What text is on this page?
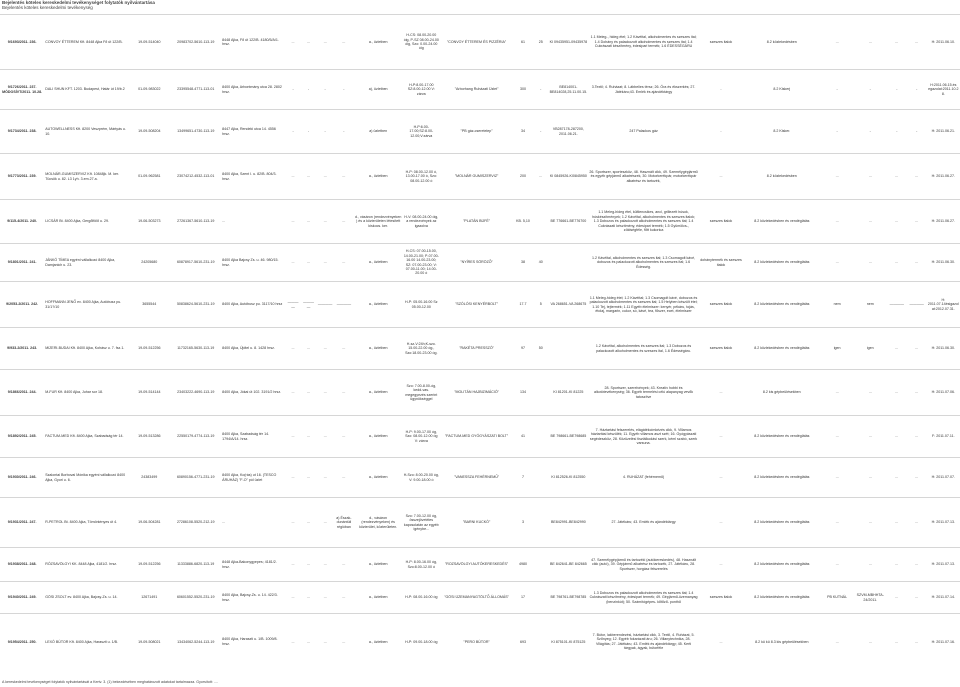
Bejelentés köteles kereskedelmi tevékenységet folytatók nyilvántartása
Bejelentés köteles kereskedelmi tevékenység
9/1693/2011. 236.	CONVOY ÉTTEREM Kft. 8448 Ajka Fő út 122/B.	19-09-514040	20983702-5610-113-19	8448 Ajka, Fő út 122/B. 4180/5/A/1. hrsz.	...	...	...	...	a., üzletben	H-CS: 08.00-20.00 óig, P-SZ 08.00-24.00 óig, Szo: 0.00-24.00 óig	"CONVOY ÉTTEREM ÉS PIZZÉRIA"	61	25	KI 09435951-09435978	1.1 Meleg-, hideg étel; 1.2 Kávéital, alkoholmentes és szeszes ital; 1.4 Dohány és palackozott alkoholmentes és szeszes ital; 1.4 Cukrászati készítmény, édesipari termék; 1.6 ÉDESSÉGÁRU	szeszes italok	8.2 közlekedésben	...	...	...	...	H: 2011.06.10.
9/1726/2011. 237. MÓDOSÍVT/2011. 10.28.	DALI SHUN KFT. 1203. Budapest, Határ út 19/b.2	01-09-983022	23395548-4771-113-01	8400 Ajka, Arbontmány utca 28. 2802 hrsz.	-	-	-	-	a), üzletben	H-P:8.00-17.00 SZ:8.00-12.00 V: zárva	"Arborhang Ruházati Üzlet"	300	-	BE814001-BE814028,25.11.00.15.	3.Textil; 4. Ruházat; 8. Lábbelies térsz; 26. Óra és ékszerkés; 27. Játékáru;43. Emlék és ajándéktárgy	-	8.2 Kiskerj	-	-	-	-	H:2011.06.15.és egazolat:2011.10.28.
9/1734/2011. 238.	AUTOWELLNESS Kft. 8200 Veszprém, Mártyás u. 10.	19-09-508204	13499651-4730-113-19	8447 Ajka, Rendeki utca 14. 4556 hrsz.	-	-	-	-	a) üzletben	H-P:6.00-17.00;SZ:8.00-12.00;V:zárva	"PB gáz-cseretelep"	34	-	VB287178-287200, 2011.06.21.	247 Palackos gáz	-	8.2 Kisker.	-	-	-	-	H: 2011.06.21.
9/1773/2011. 239.	MOLNÁR-GUMISZERVIZ Kft. 10848jk. M. ker. Tücsök u. 82. L3 1yh. 3.em.27.a.	01-09-962581	23074212-4532-113-01	8400 Ajka, Szent I. u. 82/B. 804/3. hrsz.	...	...	...	...	a., üzletben	H-P: 08.00-12.00 ó, 13.00-17.00 ó, Szo: 08.00-12.00 ó	"MOLNÁR GUMISZERVIZ"	200	...	KI 0845926-KI0845950	26. Sportszer, sporteszköz, 48. Használt cikk, 49. Személygépjármű és egyéb gépjármű alkatrészek, 30. Motorkerékpár, motorkerékpár alkatrész és tartozék,	...	8.2 közlekedésben	...	...	...	...	H: 2011.06.27.
9/115-4/2011. 240.	LICSÁR Bt. 8400 Ajka, Gergőlfölő u. 29.	19-06-503273	27261367-5610-113-19	...	...	...	...	...	d., vásáron (rendezvényeken ) és a közterületen létesített kiskocs. ker.	H-V: 08.00-24.00 óig, a rendezvények az igazolva	"PLATÁN BÜFÉ"	KB. 5,10		BE 776661-BE776700	1.1 Meleg-hideg étel, kültlencsikes, ancl, grillezett húsok, húskészítmények; 1.2 Kávéital, alkoholmentes és szeszes italok; 1.3 Dobozos és palackozott alkoholmentes és szeszes ital; 1.4 Cukrászati készítmény, édesipari termék; 1.5 Gyümölcs-, zöldségféle, főtt kukorica	szeszes italok	8.2 közlekedésben és vendéglátás	...	...	...	...	H: 2011.06.27.
9/1801/2011. 241.	JÁNKÓ TÍMEA egyéni vállalkozó 8400 Ajka, Damjanich u. 23.	24205680	60878917-5610-231-19	8400 Ajka Bajcsy Zs. u. 46. 980/15. hrsz.	...	...	...	...	a., üzletben	H-CS: 07.00-15.00, 14.00-21.00; P-07.00-16.00 14.00-23.00; SZ: 07.00-23.00; V: 07.00-11.00; 14.00-20.00 ó	"NYÍRES SÖRÖZŐ"	38	40		1.2 Kávéital, alkoholmentes és szeszes ital; 1.3 Csomagolt kávé, dobozos és palackozott alkoholmentes és szeszes ital; 1.6 Édesség.	dohánytermék és szeszes italok	8.2 közlekedésben és vendéglátás	...	...	...	...	H: 2011.06.30.
9/2053-2/2011. 242.	HOFFMANN JENŐ ev. 8400 Ajka, Autóbusz pu. 31/1?/10	3655544	50838624-5610-231-19	8400 Ajka, Autóbusz pu. 3117/10 hrsz	————	————	————	————	a., üzletben	H-P: 05.00-16.00 Sz 05.00-12.00	"SZÓLÓSI KENYÉRBOLT"	17.7	5	VA 268651-VA 268675	1.1 Meleg-hideg étel; 1.2 Kávéital; 1.3 Csomagolt kávé, dobozos és palackozott alkoholmentes és szeszes ital; 1.5 Helyben készült étel; 1.10 Tej, tejtermék; 1.11 Egyéb élelmiszer: kenyér, pékáru, tojás, étolaj, margarin, cukor, só, kávé, tea, fűszer, ecet, élelmiszer	szeszes italok	8.2 közlekedésben és vendéglátás	nem	nem	————	————	H: 2011.07.14ésigazolat:2012.07.31.
9/933-2/2011. 243.	MIZERI-BUDAI Kft. 8400 Ajka, Kohász u. 7. fsz.1.	19-09-512256	11732165-5630-113-19	8400 Ajka, Újdtel u. 8. 1428 hrsz.	...	...	...	...	a., üzletben	H-sz-V:24h;K-szo. 15.00-22.00 óg., Szo:18.00-23.00 óg.	"RAKÉTA PRESSZÓ"	97	50		1.2 Kávéital, alkoholmentes és szeszes ital; 1.3 Dobozos és palackozott alkoholmentes és szeszes ital, 1.6 Édességáru.	szeszes italok	8.2 közlekedésben és vendéglátás	igen	igen	...	...	H: 2011.06.30.
9/1866/2011. 244.	M-FUR Kft. 8400 Ajka, Juhar sor 18.	19-09-514144	23403222-4690-113-19	8400 Ajka, Jókai út 102. 3191/2 hrsz.	...	...	...	...	a., üzletben	Szo: 7.00-8.00-óg, kedd-vas. megegyezés szerint ügynökséggel	"MOLITÁN HAJBIZIMÁCIÓ"	134		KI 81201-KI 81225	28. Sportszer, szerelvények; 43. Kreatív hobbi és alkotótevékenység; 36. Egyéb termelési célú alapanyag vevők tatoszítve	...	8.2 kis gépbeülésekben	...	...	...	...	H: 2011.07.06.
9/1892/2011. 245.	FACTUM-MED Kft. 8400 Ajka, Szabadság tér 14.	19-09-513286	22550179-4774-113-19	8400 Ajka, Szabadság tér 14. 1794/A/14. hrsz.	...	...	...	...	a., üzletben	H-P: 9.00-17.00 óg, Szo: 08.00-12.00 óg V: zárva	"FACTUM-MED GYÓGYÁSZATI BOLT"	41		BE 798661-BE798685	7. Háztartási felszerelés, elágátékcímkézés cikk, 9. Villamos háztartási készülék; 11. Egyéb villamos aszt szét; 16. Gyógyászati segédeszköz, 28. Közüzelési tisztálkodási szerk, kéml szabó, szerk varsuna.	...	8.2 közlekedésben és vendéglátás	...	...	...	...	F: 2011.07.11.
9/1930/2011. 246.	Szalontai Borbovai Mónika egyéni vállalkozó 8400 Ajka, Gyori u. 6.	24383499	60890156-4771-231-19	8400 Ajka, Ko(rás) ut 16. (TESCO ÁRUHÁZ) "F-O" pól üzlet	...	...	...	...	a., üzletben	H-Szo: 8.00-20.00 óg, V: 9.00-18.00 ó	"VANESSZA FEHÉRNEMŰ"	7		KI 812526-KI 812550	4. RUHÁZAT (fehérnemű)	...	8.2 közlekedésben és vendéglátás	...	...	...	...	H: 2011.07.07.
9/1931/2011. 247.	R-PETROL Bt. 8400 Ajka, Tömörkényes út 4.	19-06-504281	27286108-5520-212-19	...	...	...	...	a) Észak-dunántúli régióban	d., vásáron (rendezvényeken) és közterület, közterületen.	Szo: 7.00-12.00 óg, összejövetéles kapcsolatán az egyéb igénybe...	"BARNI KUCKÓ"	3		BE842991-BE842990	27. Játékáru; 43. Emlék és ajándéktárgy	...	8.2 közlekedésben és vendéglátás	...	...	...	...	H: 2011.07.13.
9/1938/2011. 248.	RÓZSAVÖLGYI KK. 8448 Ajka, 4181/2. hrsz.	19-09-512256	11333886-6820-113-19	8448 Ajka-Bakonygyepes; 4181/2. hrsz.	...	...	...	...	a., üzletben	H-P: 8.00-16.00 óg, Szo:8.00-12.00 ó	"ROZSAVÖLGYI AUTÓKERESKEDÉS"	4980		BE 842641-BE 842665	47. Személygépjármű és tartozéki (autókereskedés), 48. Használt cikk (autó), 39. Gépjármű alkatrész és tartozék, 27. Játékáru, 28. Sportszer, horgász felszerelés	...	8.2 közlekedésben és vendéglátás	...	...	...	...	H: 2011.07.13.
9/1940/2011. 249.	GÖSI ZSOLT ev. 8400 Ajka, Bajcsy-Zs. u. 14.	12671491	60601552-5520-231-19	8400 Ajka, Bajcsy-Zs. u. 14. 422/3. hrsz.	...	...	...	...	a., üzletben	H-P: 08.00-16.00 óg	"GÖSI ÜZEMANYAGTÖLTŐ ÁLLOMÁS"	17		BE 798761-BE798785	1.3 Dobozos és palackozott alkoholmentes és szeszes ital; 1.4 Cukrászati készítmény, édesipari termék; 49. Gépjármű-üzemanyag (benzinkút); 50. Számítógépes- kőtőző- ponthű	szeszes italok	8.2 közlekedésben és vendéglátás	PB KUTNÁL	SZVM-MBHHTA-24/2011.	...	...	H: 2011.07.14.
9/1954/2011. 250.	LEXÓ BÚTOR Kft. 8400 Ajka, Haraszti u. 1/B.	19-09-508021	13434062-5244-113-19	8400 Ajka, Haraszti u. 1/B. 1009/8. hrsz.	...	...	...	...	a., üzletben	H-P: 09.00-18.00 óg	"PERO BÚTOR"	693		KI 875101-KI 875125	7. Bútor, lakberendezési, háztartási cikk, 3. Textil, 4. Ruházat, 5. Szőnyeg; 12. Egyéb fokarázati áru; 26. Villanytechnika, 28. Világítás; 27. Játékáru; 43. Emlék és ajándéktárgy; 45. Kerti tárgyak, ágyak, bútorféle	...	8.2 kü kü 8.3 kis gépbeülésekben	...	...	...	...	H: 2011.07.16.
A kereskedelmi tevékenységet folytatók nyilvántartását a Kertv. 3. (1) bekezdésében meghatározott adatokat tartalmazza. Gyorsított: ....
